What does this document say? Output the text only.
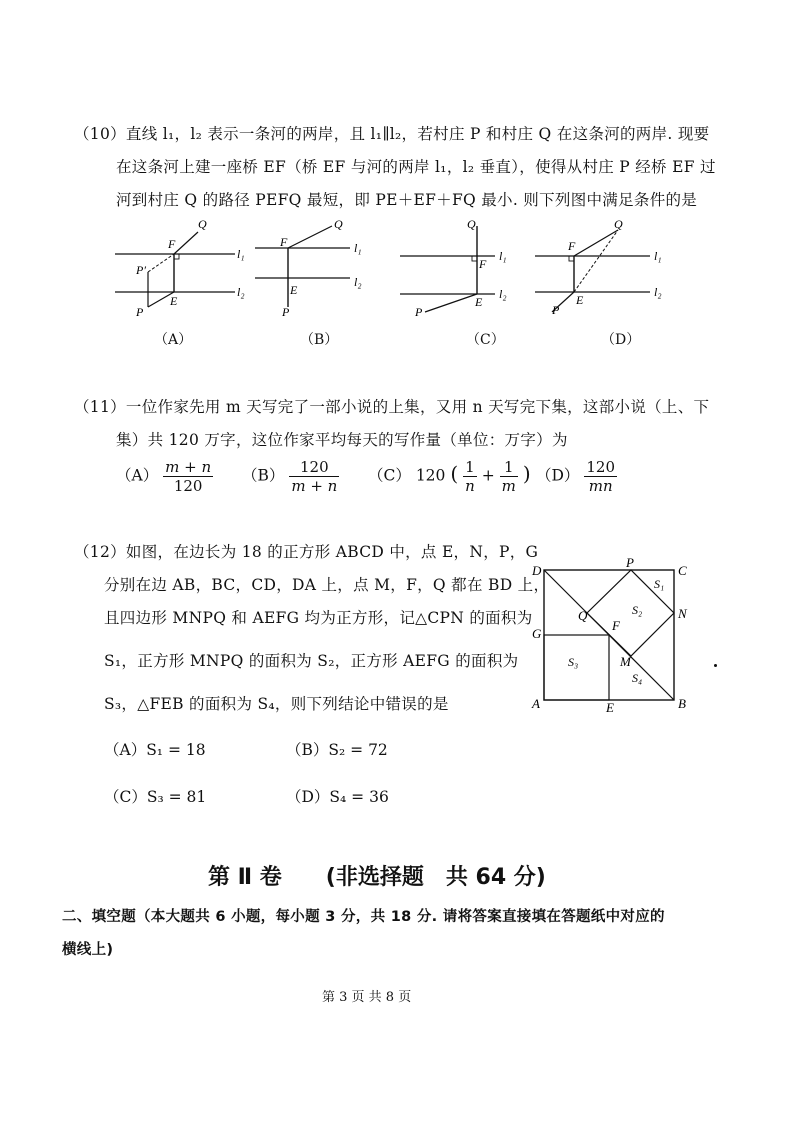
（10）直线 l₁，l₂ 表示一条河的两岸，且 l₁∥l₂，若村庄 P 和村庄 Q 在这条河的两岸. 现要
在这条河上建一座桥 EF（桥 EF 与河的两岸 l₁，l₂ 垂直），使得从村庄 P 经桥 EF 过
河到村庄 Q 的路径 PEFQ 最短，即 PE＋EF＋FQ 最小. 则下列图中满足条件的是
Q
F
l₁
l₂
P′
E
P
（A）
Q
F	l₁
l₂
E
P
（B）
Q
F
l₁
l₂
E
P
（C）
Q
F
l₁
l₂
E
P
（D）
（11）一位作家先用 m 天写完了一部小说的上集，又用 n 天写完下集，这部小说（上、下
集）共 120 万字，这位作家平均每天的写作量（单位：万字）为
$(A) \frac{m + n}{120} (B) \frac{120}{m + n} (C)$ 120 ( $\frac{1}{n} + \frac{1}{m}$ ) $(D) \frac{120}{mn}$
（12）如图，在边长为 18 的正方形 ABCD 中，点 E，N，P，G
分别在边 AB，BC，CD，DA 上，点 M，F，Q 都在 BD 上，
且四边形 MNPQ 和 AEFG 均为正方形，记△CPN 的面积为
S₁，正方形 MNPQ 的面积为 S₂，正方形 AEFG 的面积为
S₃，△FEB 的面积为 S₄，则下列结论中错误的是
D	C
B
A	E
F
G
M
N
P
Q
S₁
S₂
S₃
S₄
（A）S₁ = 18	（B）S₂ = 72
（C）S₃ = 81	（D）S₄ = 36
第 Ⅱ 卷　　(非选择题　共 64 分)
二、填空题（本大题共 6 小题，每小题 3 分，共 18 分. 请将答案直接填在答题纸中对应的
横线上)
第 3 页 共 8 页
